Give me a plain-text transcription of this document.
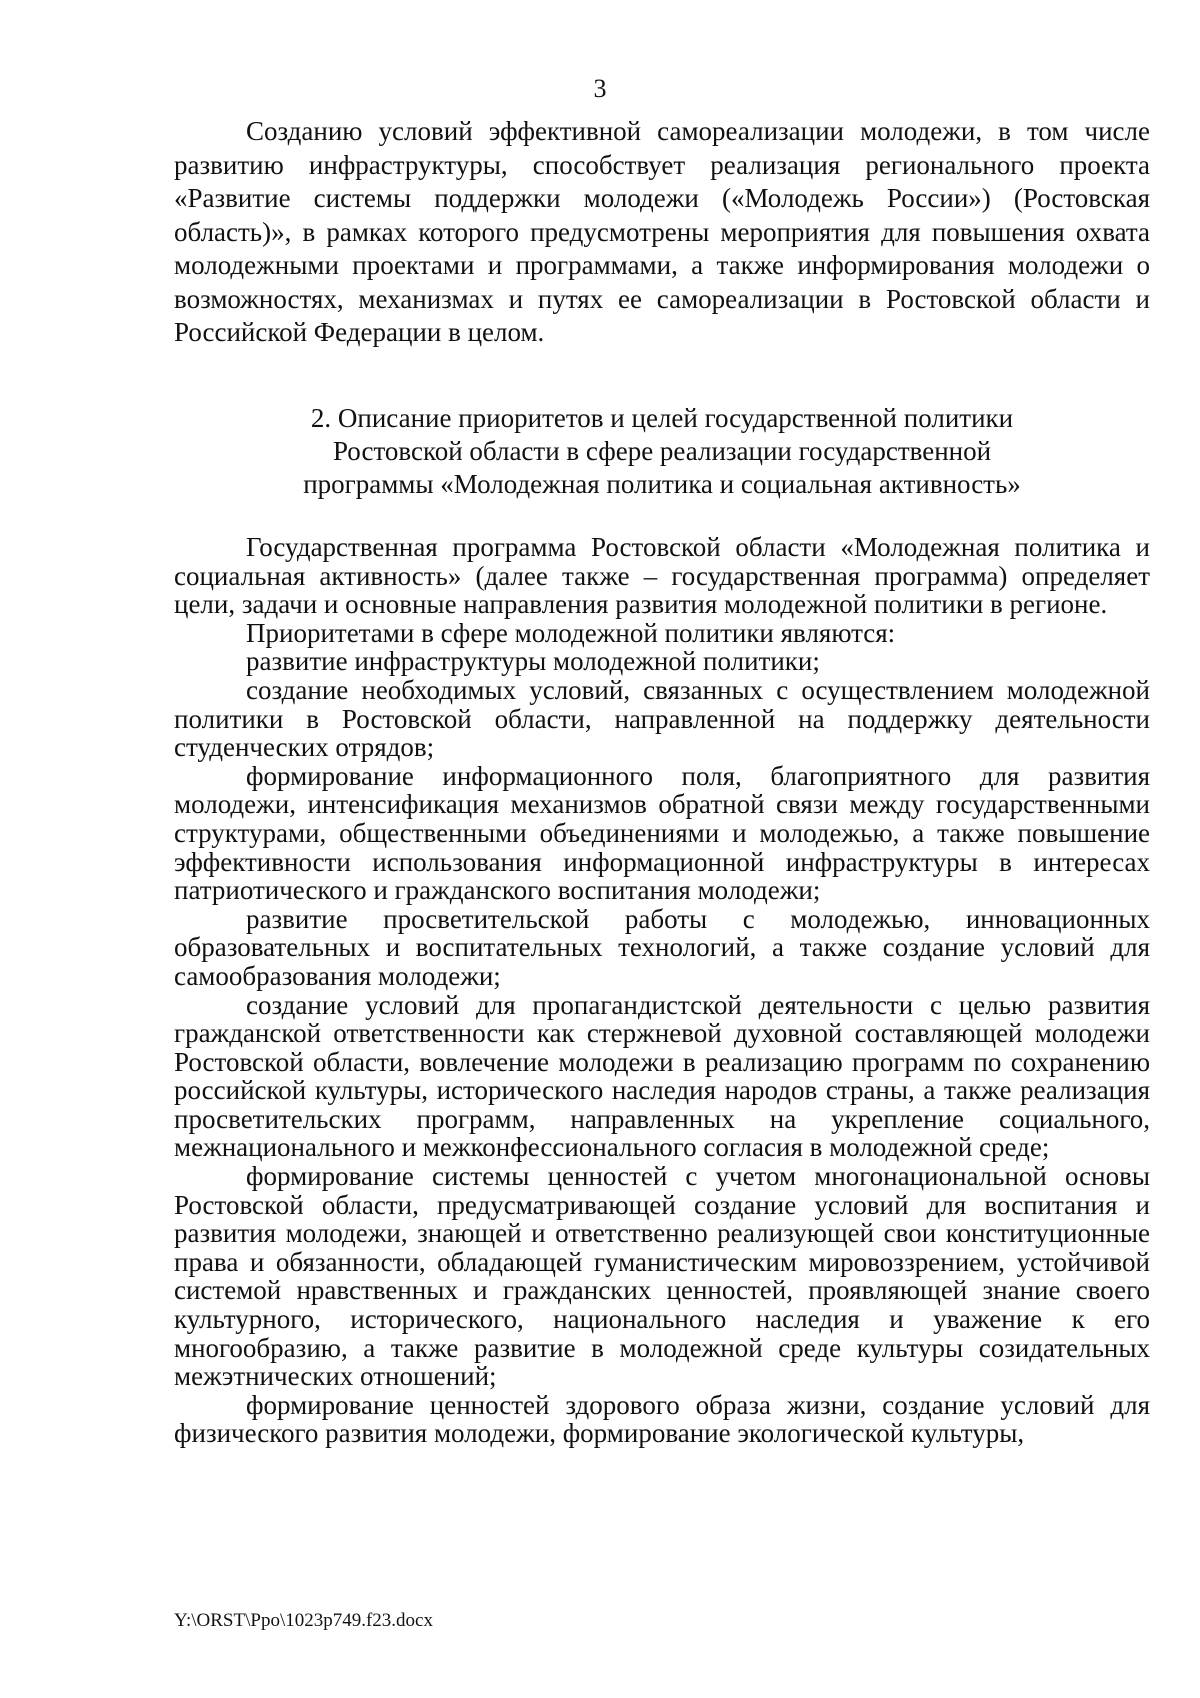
3

Созданию условий эффективной самореализации молодежи, в том числе развитию инфраструктуры, способствует реализация регионального проекта «Развитие системы поддержки молодежи («Молодежь России») (Ростовская область)», в рамках которого предусмотрены мероприятия для повышения охвата молодежными проектами и программами, а также информирования молодежи о возможностях, механизмах и путях ее самореализации в Ростовской области и Российской Федерации в целом.

2. Описание приоритетов и целей государственной политики
Ростовской области в сфере реализации государственной
программы «Молодежная политика и социальная активность»

Государственная программа Ростовской области «Молодежная политика и социальная активность» (далее также – государственная программа) определяет цели, задачи и основные направления развития молодежной политики в регионе.

Приоритетами в сфере молодежной политики являются:

развитие инфраструктуры молодежной политики;

создание необходимых условий, связанных с осуществлением молодежной политики в Ростовской области, направленной на поддержку деятельности студенческих отрядов;

формирование информационного поля, благоприятного для развития молодежи, интенсификация механизмов обратной связи между государственными структурами, общественными объединениями и молодежью, а также повышение эффективности использования информационной инфраструктуры в интересах патриотического и гражданского воспитания молодежи;

развитие просветительской работы с молодежью, инновационных образовательных и воспитательных технологий, а также создание условий для самообразования молодежи;

создание условий для пропагандистской деятельности с целью развития гражданской ответственности как стержневой духовной составляющей молодежи Ростовской области, вовлечение молодежи в реализацию программ по сохранению российской культуры, исторического наследия народов страны, а также реализация просветительских программ, направленных на укрепление социального, межнационального и межконфессионального согласия в молодежной среде;

формирование системы ценностей с учетом многонациональной основы Ростовской области, предусматривающей создание условий для воспитания и развития молодежи, знающей и ответственно реализующей свои конституционные права и обязанности, обладающей гуманистическим мировоззрением, устойчивой системой нравственных и гражданских ценностей, проявляющей знание своего культурного, исторического, национального наследия и уважение к его многообразию, а также развитие в молодежной среде культуры созидательных межэтнических отношений;

формирование ценностей здорового образа жизни, создание условий для физического развития молодежи, формирование экологической культуры,

Y:\ORST\Ppo\1023p749.f23.docx
